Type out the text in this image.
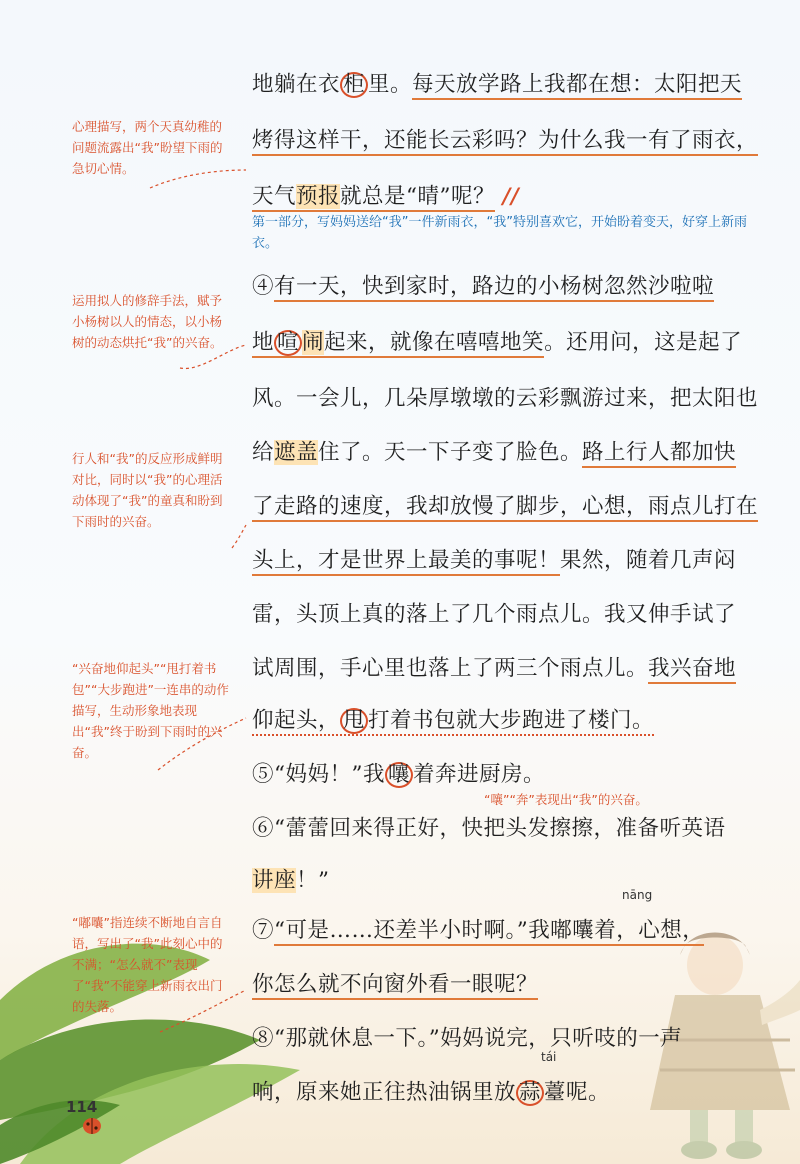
114
地躺在衣 柜 里。每天放学路上我都在想：太阳把天
烤得这样干，还能长云彩吗？为什么我一有了雨衣，
天气预报就总是“晴”呢？ //
第一部分，写妈妈送给“我”一件新雨衣，“我”特别喜欢它，开始盼着变天，好穿上新雨衣。
④有一天，快到家时，路边的小杨树忽然沙啦啦
地 喧 闹起来，就像在嘻嘻地笑。还用问，这是起了
风。一会儿，几朵厚墩墩的云彩飘游过来，把太阳也
给遮盖住了。天一下子变了脸色。路上行人都加快
了走路的速度，我却放慢了脚步，心想，雨点儿打在
头上，才是世界上最美的事呢！果然，随着几声闷
雷，头顶上真的落上了几个雨点儿。我又伸手试了
试周围，手心里也落上了两三个雨点儿。我兴奋地
仰起头， 甩 打着书包就大步跑进了楼门。
⑤“妈妈！”我 嚷 着奔进厨房。
“嚷”“奔”表现出“我”的兴奋。
⑥“蕾蕾回来得正好，快把头发擦擦，准备听英语
讲座！”
nāng
⑦“可是……还差半小时啊。”我嘟囔着，心想，
你怎么就不向窗外看一眼呢？
⑧“那就休息一下。”妈妈说完，只听吱的一声
tái
响，原来她正往热油锅里放 蒜 薹呢。
心理描写，两个天真幼稚的问题流露出“我”盼望下雨的急切心情。
运用拟人的修辞手法，赋予小杨树以人的情态，以小杨树的动态烘托“我”的兴奋。
行人和“我”的反应形成鲜明对比，同时以“我”的心理活动体现了“我”的童真和盼到下雨时的兴奋。
“兴奋地仰起头”“甩打着书包”“大步跑进”一连串的动作描写，生动形象地表现出“我”终于盼到下雨时的兴奋。
“嘟囔”指连续不断地自言自语，写出了“我”此刻心中的不满；“怎么就不”表现了“我”不能穿上新雨衣出门的失落。
